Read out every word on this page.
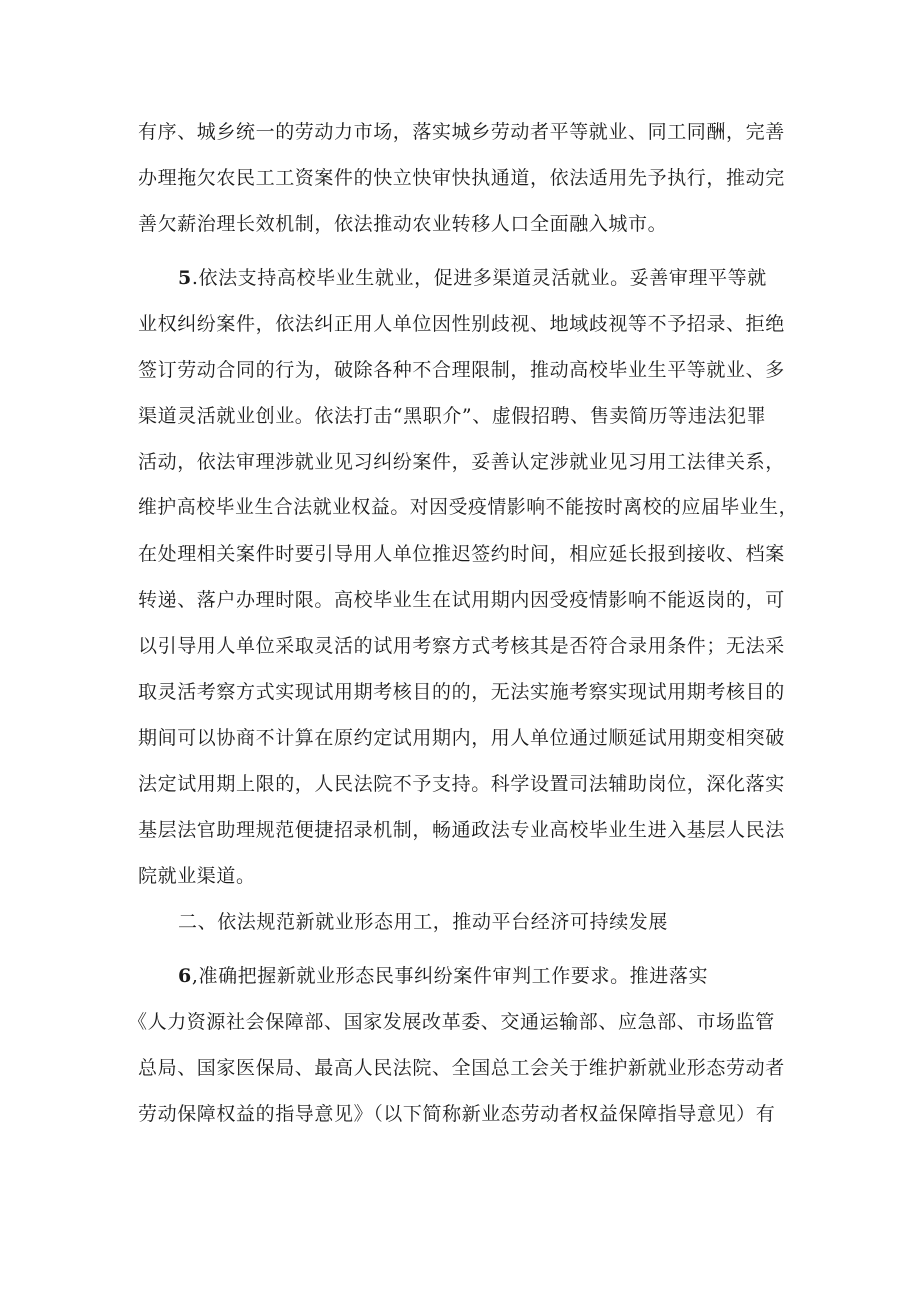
有序、城乡统一的劳动力市场，落实城乡劳动者平等就业、同工同酬，完善
办理拖欠农民工工资案件的快立快审快执通道，依法适用先予执行，推动完
善欠薪治理长效机制，依法推动农业转移人口全面融入城市。
5.依法支持高校毕业生就业，促进多渠道灵活就业。妥善审理平等就
业权纠纷案件，依法纠正用人单位因性别歧视、地域歧视等不予招录、拒绝
签订劳动合同的行为，破除各种不合理限制，推动高校毕业生平等就业、多
渠道灵活就业创业。依法打击“黑职介”、虚假招聘、售卖简历等违法犯罪
活动，依法审理涉就业见习纠纷案件，妥善认定涉就业见习用工法律关系，
维护高校毕业生合法就业权益。对因受疫情影响不能按时离校的应届毕业生，
在处理相关案件时要引导用人单位推迟签约时间，相应延长报到接收、档案
转递、落户办理时限。高校毕业生在试用期内因受疫情影响不能返岗的，可
以引导用人单位采取灵活的试用考察方式考核其是否符合录用条件；无法采
取灵活考察方式实现试用期考核目的的，无法实施考察实现试用期考核目的
期间可以协商不计算在原约定试用期内，用人单位通过顺延试用期变相突破
法定试用期上限的，人民法院不予支持。科学设置司法辅助岗位，深化落实
基层法官助理规范便捷招录机制，畅通政法专业高校毕业生进入基层人民法
院就业渠道。
二、依法规范新就业形态用工，推动平台经济可持续发展
6,准确把握新就业形态民事纠纷案件审判工作要求。推进落实
《人力资源社会保障部、国家发展改革委、交通运输部、应急部、市场监管
总局、国家医保局、最高人民法院、全国总工会关于维护新就业形态劳动者
劳动保障权益的指导意见》（以下简称新业态劳动者权益保障指导意见）有
